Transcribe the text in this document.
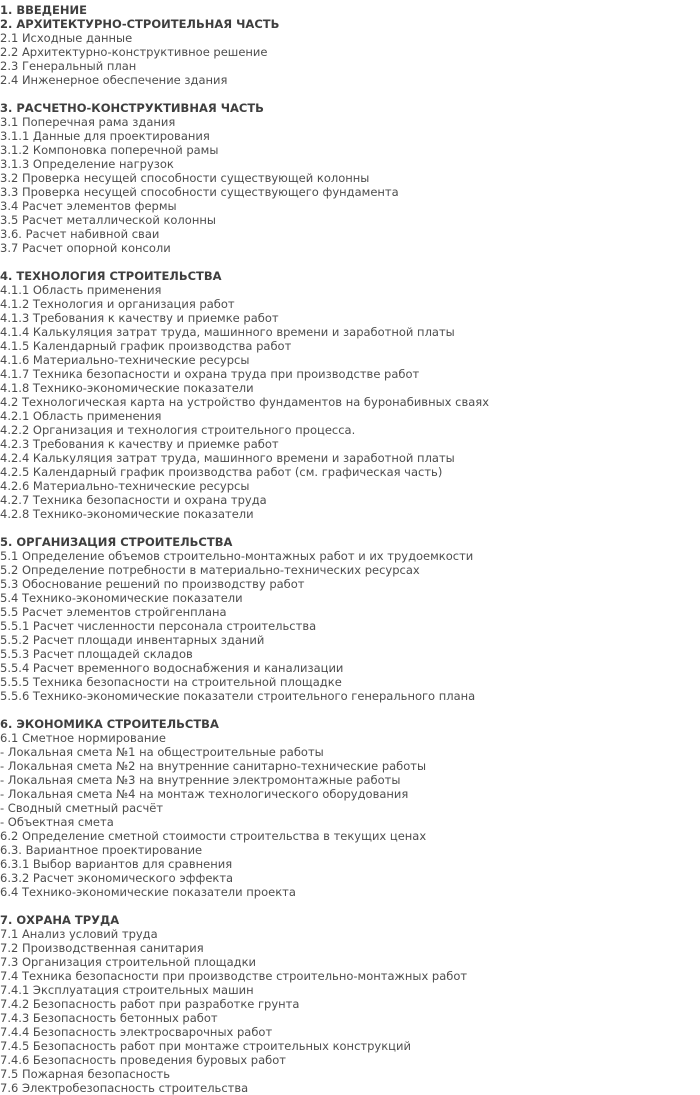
1. ВВЕДЕНИЕ
2. АРХИТЕКТУРНО-СТРОИТЕЛЬНАЯ ЧАСТЬ
2.1 Исходные данные
2.2 Архитектурно-конструктивное решение
2.3 Генеральный план
2.4 Инженерное обеспечение здания
3. РАСЧЕТНО-КОНСТРУКТИВНАЯ ЧАСТЬ
3.1 Поперечная рама здания
3.1.1 Данные для проектирования
3.1.2 Компоновка поперечной рамы
3.1.3 Определение нагрузок
3.2 Проверка несущей способности существующей колонны
3.3 Проверка несущей способности существующего фундамента
3.4 Расчет элементов фермы
3.5 Расчет металлической колонны
3.6. Расчет набивной сваи
3.7 Расчет опорной консоли
4. ТЕХНОЛОГИЯ СТРОИТЕЛЬСТВА
4.1.1 Область применения
4.1.2 Технология и организация работ
4.1.3 Требования к качеству и приемке работ
4.1.4 Калькуляция затрат труда, машинного времени и заработной платы
4.1.5 Календарный график производства работ
4.1.6 Материально-технические ресурсы
4.1.7 Техника безопасности и охрана труда при производстве работ
4.1.8 Технико-экономические показатели
4.2 Технологическая карта на устройство фундаментов на буронабивных сваях
4.2.1 Область применения
4.2.2 Организация и технология строительного процесса.
4.2.3 Требования к качеству и приемке работ
4.2.4 Калькуляция затрат труда, машинного времени и заработной платы
4.2.5 Календарный график производства работ (см. графическая часть)
4.2.6 Материально-технические ресурсы
4.2.7 Техника безопасности и охрана труда
4.2.8 Технико-экономические показатели
5. ОРГАНИЗАЦИЯ СТРОИТЕЛЬСТВА
5.1 Определение объемов строительно-монтажных работ и их трудоемкости
5.2 Определение потребности в материально-технических ресурсах
5.3 Обоснование решений по производству работ
5.4 Технико-экономические показатели
5.5 Расчет элементов стройгенплана
5.5.1 Расчет численности персонала строительства
5.5.2 Расчет площади инвентарных зданий
5.5.3 Расчет площадей складов
5.5.4 Расчет временного водоснабжения и канализации
5.5.5 Техника безопасности на строительной площадке
5.5.6 Технико-экономические показатели строительного генерального плана
6. ЭКОНОМИКА СТРОИТЕЛЬСТВА
6.1 Сметное нормирование
- Локальная смета №1 на общестроительные работы
- Локальная смета №2 на внутренние санитарно-технические работы
- Локальная смета №3 на внутренние электромонтажные работы
- Локальная смета №4 на монтаж технологического оборудования
- Сводный сметный расчёт
- Объектная смета
6.2 Определение сметной стоимости строительства в текущих ценах
6.3. Вариантное проектирование
6.3.1 Выбор вариантов для сравнения
6.3.2 Расчет экономического эффекта
6.4 Технико-экономические показатели проекта
7. ОХРАНА ТРУДА
7.1 Анализ условий труда
7.2 Производственная санитария
7.3 Организация строительной площадки
7.4 Техника безопасности при производстве строительно-монтажных работ
7.4.1 Эксплуатация строительных машин
7.4.2 Безопасность работ при разработке грунта
7.4.3 Безопасность бетонных работ
7.4.4 Безопасность электросварочных работ
7.4.5 Безопасность работ при монтаже строительных конструкций
7.4.6 Безопасность проведения буровых работ
7.5 Пожарная безопасность
7.6 Электробезопасность строительства
